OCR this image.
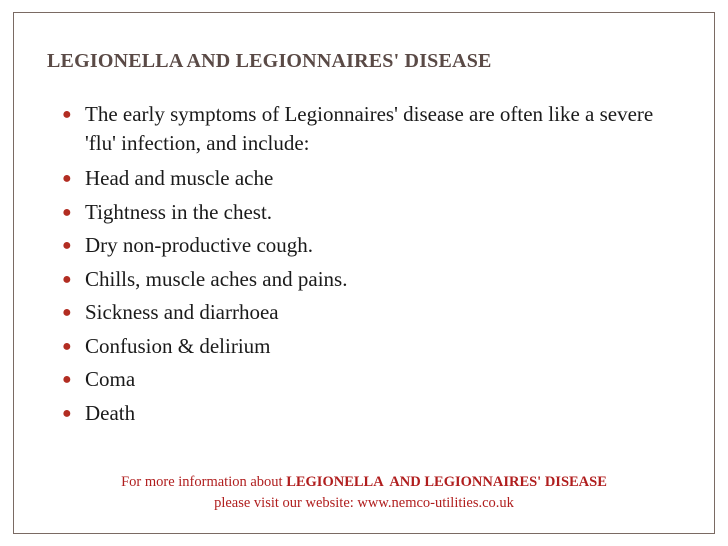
LEGIONELLA AND LEGIONNAIRES' DISEASE
● The early symptoms of Legionnaires' disease are often like a severe 'flu' infection, and include:
● Head and muscle ache
● Tightness in the chest.
● Dry non-productive cough.
● Chills, muscle aches and pains.
● Sickness and diarrhoea
● Confusion & delirium
● Coma
● Death
For more information about LEGIONELLA  AND LEGIONNAIRES' DISEASE
please visit our website: www.nemco-utilities.co.uk
